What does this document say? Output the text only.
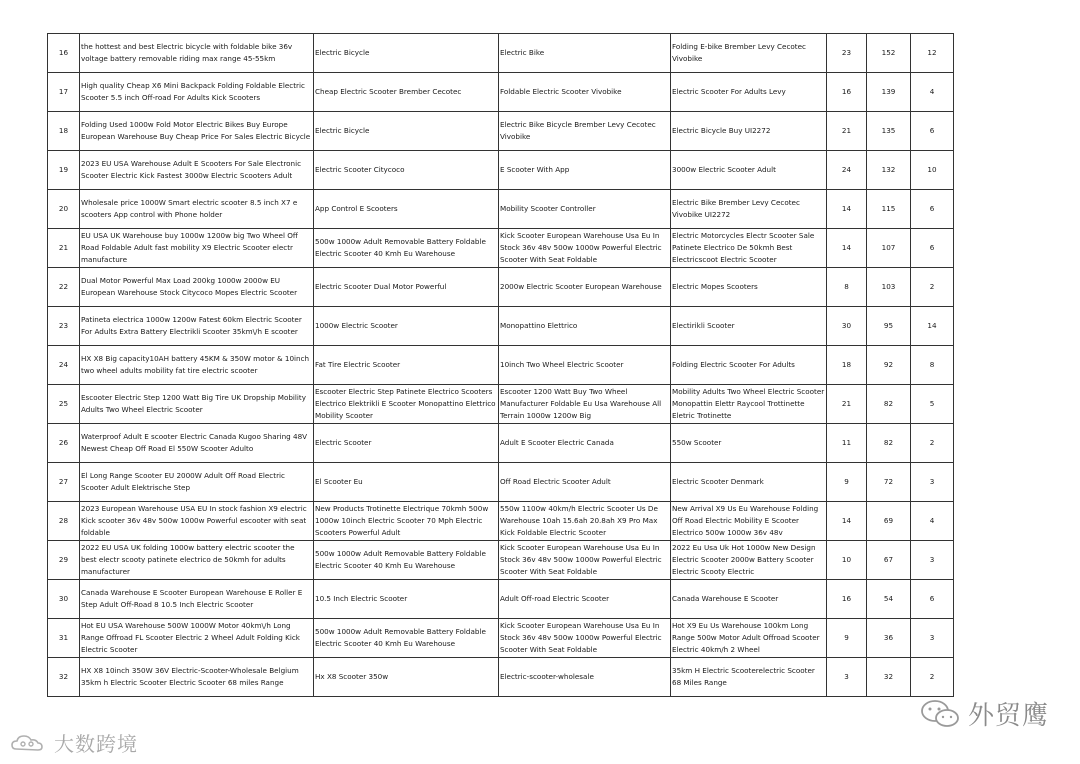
16	the hottest and best Electric bicycle with foldable bike 36v voltage battery removable riding max range 45-55km	Electric Bicycle	Electric Bike	Folding E-bike Brember Levy Cecotec Vivobike	23	152	12
17	High quality Cheap X6 Mini Backpack Folding Foldable Electric Scooter 5.5 inch Off-road For Adults Kick Scooters	Cheap Electric Scooter Brember Cecotec	Foldable Electric Scooter Vivobike	Electric Scooter For Adults Levy	16	139	4
18	Folding Used 1000w Fold Motor Electric Bikes Buy Europe European Warehouse Buy Cheap Price For Sales Electric Bicycle	Electric Bicycle	Electric Bike Bicycle Brember Levy Cecotec Vivobike	Electric Bicycle Buy UI2272	21	135	6
19	2023 EU USA Warehouse Adult E Scooters For Sale Electronic Scooter Electric Kick Fastest 3000w Electric Scooters Adult	Electric Scooter Citycoco	E Scooter With App	3000w Electric Scooter Adult	24	132	10
20	Wholesale price 1000W Smart electric scooter 8.5 inch X7 e scooters App control with Phone holder	App Control E Scooters	Mobility Scooter Controller	Electric Bike Brember Levy Cecotec Vivobike UI2272	14	115	6
21	EU USA UK Warehouse buy 1000w 1200w big Two Wheel Off Road Foldable Adult fast mobility X9 Electric Scooter electr manufacture	500w 1000w Adult Removable Battery Foldable Electric Scooter 40 Kmh Eu Warehouse	Kick Scooter European Warehouse Usa Eu In Stock 36v 48v 500w 1000w Powerful Electric Scooter With Seat Foldable	Electric Motorcycles Electr Scooter Sale Patinete Electrico De 50kmh Best Electricscoot Electric Scooter	14	107	6
22	Dual Motor Powerful Max Load 200kg 1000w 2000w EU European Warehouse Stock Citycoco Mopes Electric Scooter	Electric Scooter Dual Motor Powerful	2000w Electric Scooter European Warehouse	Electric Mopes Scooters	8	103	2
23	Patineta electrica 1000w 1200w Fatest 60km Electric Scooter For Adults Extra Battery Electrikli Scooter 35km\/h E scooter	1000w Electric Scooter	Monopattino Elettrico	Electirikli Scooter	30	95	14
24	HX X8 Big capacity10AH battery 45KM & 350W motor & 10inch two wheel adults mobility fat tire electric scooter	Fat Tire Electric Scooter	10inch Two Wheel Electric Scooter	Folding Electric Scooter For Adults	18	92	8
25	Escooter Electric Step 1200 Watt Big Tire UK Dropship Mobility Adults Two Wheel Electric Scooter	Escooter Electric Step Patinete Electrico Scooters Electrico Elektrikli E Scooter Monopattino Elettrico Mobility Scooter	Escooter 1200 Watt Buy Two Wheel Manufacturer Foldable Eu Usa Warehouse All Terrain 1000w 1200w Big	Mobility Adults Two Wheel Electric Scooter Monopattin Elettr Raycool Trottinette Eletric Trotinette	21	82	5
26	Waterproof Adult E scooter Electric Canada Kugoo Sharing 48V Newest Cheap Off Road El 550W Scooter Adulto	Electric Scooter	Adult E Scooter Electric Canada	550w Scooter	11	82	2
27	El Long Range Scooter EU 2000W Adult Off Road Electric Scooter Adult Elektrische Step	El Scooter Eu	Off Road Electric Scooter Adult	Electric Scooter Denmark	9	72	3
28	2023 European Warehouse USA EU In stock fashion X9 electric Kick scooter 36v 48v 500w 1000w Powerful escooter with seat foldable	New Products Trotinette Electrique 70kmh 500w 1000w 10inch Electric Scooter 70 Mph Electric Scooters Powerful Adult	550w 1100w 40km/h Electric Scooter Us De Warehouse 10ah 15.6ah 20.8ah X9 Pro Max Kick Foldable Electric Scooter	New Arrival X9 Us Eu Warehouse Folding Off Road Electric Mobility E Scooter Electrico 500w 1000w 36v 48v	14	69	4
29	2022 EU USA UK folding 1000w battery electric scooter the best electr scooty patinete electrico de 50kmh for adults manufacturer	500w 1000w Adult Removable Battery Foldable Electric Scooter 40 Kmh Eu Warehouse	Kick Scooter European Warehouse Usa Eu In Stock 36v 48v 500w 1000w Powerful Electric Scooter With Seat Foldable	2022 Eu Usa Uk Hot 1000w New Design Electric Scooter 2000w Battery Scooter Electric Scooty Electric	10	67	3
30	Canada Warehouse E Scooter European Warehouse E Roller E Step Adult Off-Road 8 10.5 Inch Electric Scooter	10.5 Inch Electric Scooter	Adult Off-road Electric Scooter	Canada Warehouse E Scooter	16	54	6
31	Hot EU USA Warehouse 500W 1000W Motor 40km\/h Long Range Offroad FL Scooter Electric 2 Wheel Adult Folding Kick Electric Scooter	500w 1000w Adult Removable Battery Foldable Electric Scooter 40 Kmh Eu Warehouse	Kick Scooter European Warehouse Usa Eu In Stock 36v 48v 500w 1000w Powerful Electric Scooter With Seat Foldable	Hot X9 Eu Us Warehouse 100km Long Range 500w Motor Adult Offroad Scooter Electric 40km/h 2 Wheel	9	36	3
32	HX X8 10inch 350W 36V Electric-Scooter-Wholesale Belgium 35km h Electric Scooter Electric Scooter 68 miles Range	Hx X8 Scooter 350w	Electric-scooter-wholesale	35km H Electric Scooterelectric Scooter 68 Miles Range	3	32	2
大数跨境
外贸鹰
